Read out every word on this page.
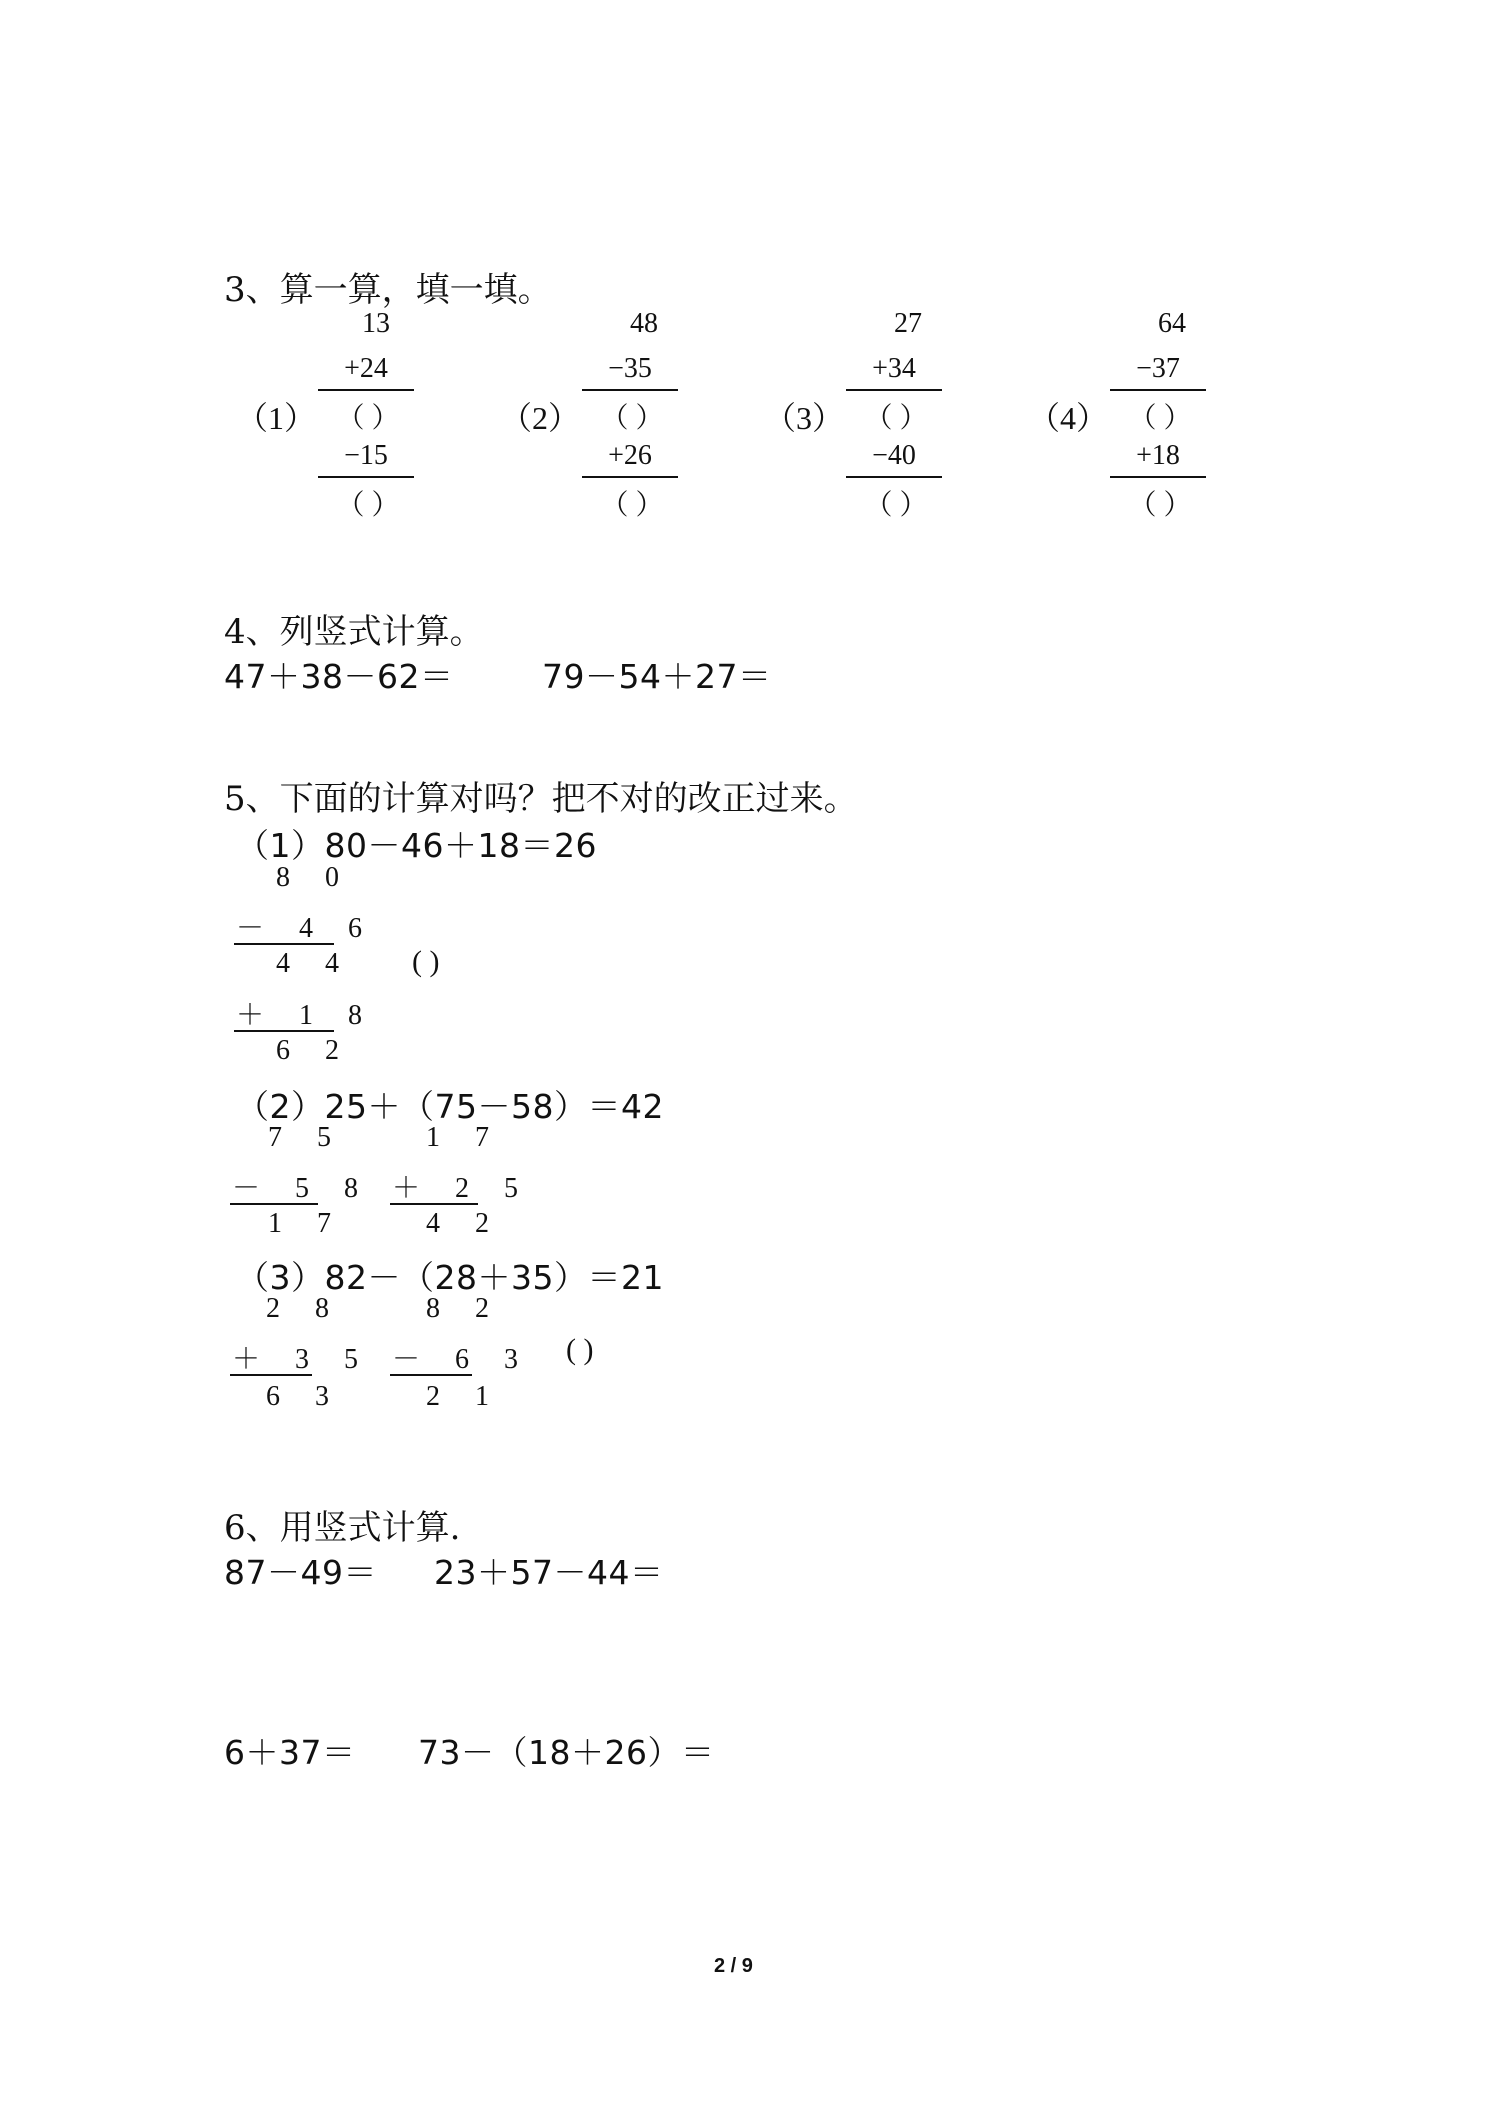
3、算一算，填一填。
13
+24
（1） （ ）
−15
（ ）
48
−35
（2） （ ）
+26
（ ）
27
+34
（3） （ ）
−40
（ ）
64
−37
（4） （ ）
+18
（ ）
4、列竖式计算。
47＋38－62＝	79－54＋27＝
5、下面的计算对吗？把不对的改正过来。
（1）80－46＋18＝26
8 0
－ 4 6
4 4 ( )
＋ 1 8
6 2
（2）25＋（75－58）＝42
7 5
－ 5 8
1 7
1 7
＋ 2 5
4 2
（3）82－（28＋35）＝21
2 8
＋ 3 5
6 3
8 2
－ 6 3
2 1
( )
6、用竖式计算.
87－49＝ 23＋57－44＝
6＋37＝ 73－（18＋26）＝
2 / 9
